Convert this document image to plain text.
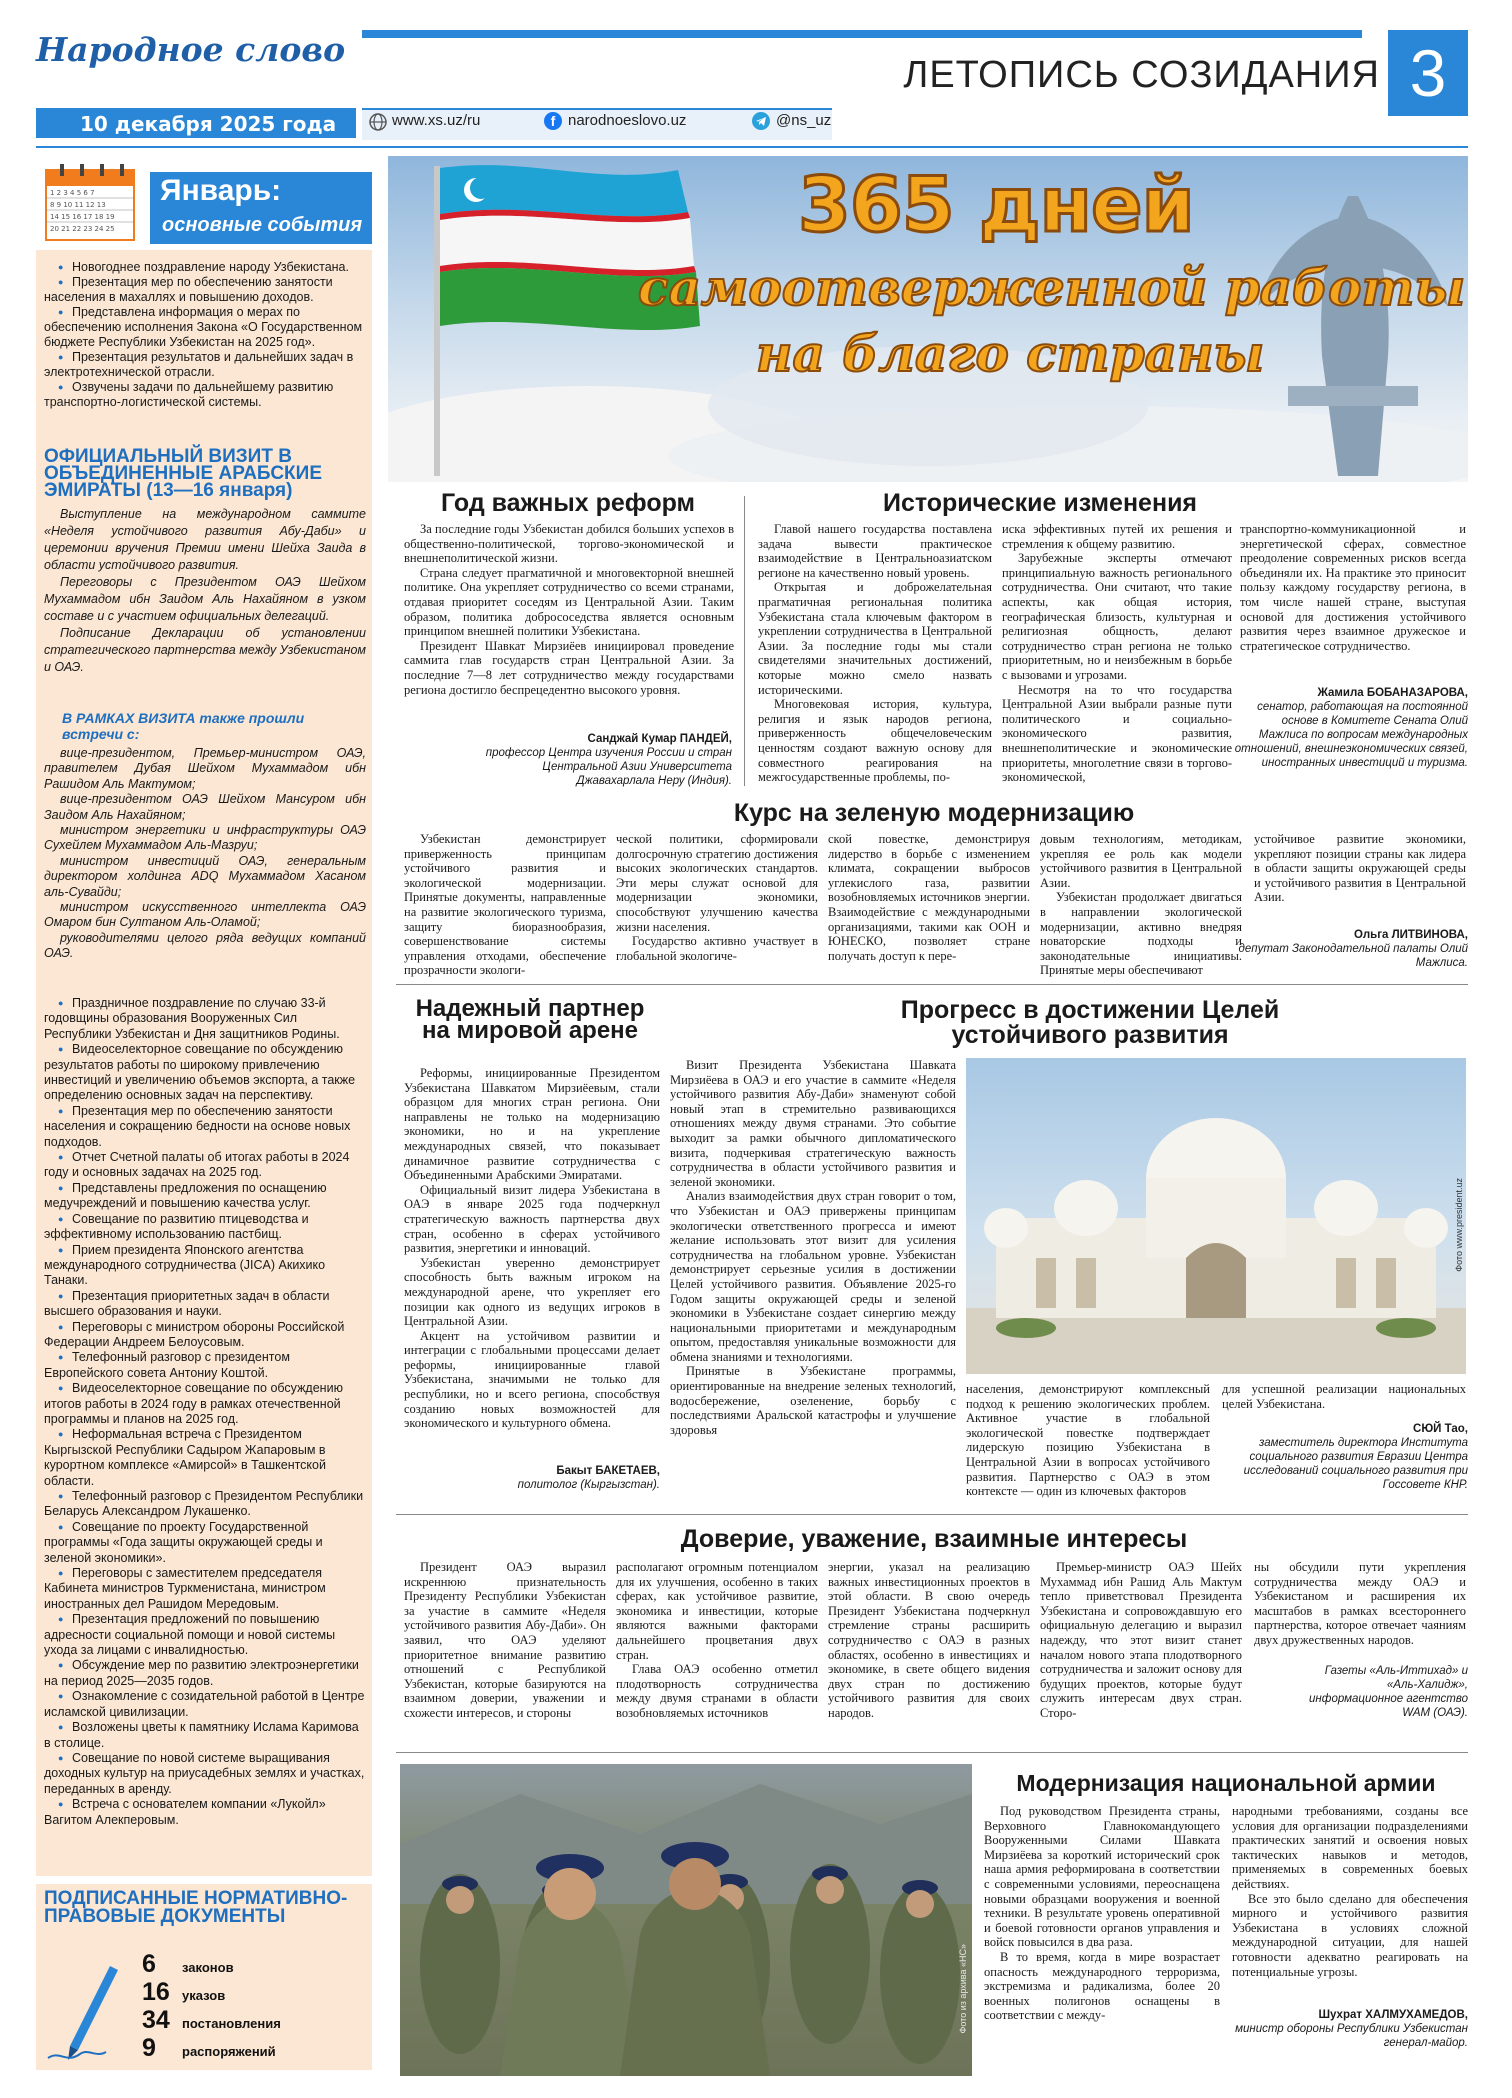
Народное слово
ЛЕТОПИСЬ СОЗИДАНИЯ 3
10 декабря 2025 года	www.xs.uz/ru	f narodnoeslovo.uz	@ns_uz
1 2 3 4 5 6 7
8 9 10 11 12 13
14 15 16 17 18 19
20 21 22 23 24 25
Январь:
основные события
● Новогоднее поздравление народу Узбекистана.
● Презентация мер по обеспечению занятости населения в махаллях и повышению доходов.
● Представлена информация о мерах по обеспечению исполнения Закона «О Государственном бюджете Республики Узбекистан на 2025 год».
● Презентация результатов и дальнейших задач в электротехнической отрасли.
● Озвучены задачи по дальнейшему развитию транспортно-логистической системы.
ОФИЦИАЛЬНЫЙ ВИЗИТ В ОБЪЕДИНЕННЫЕ АРАБСКИЕ ЭМИРАТЫ (13—16 января)
Выступление на международном саммите «Неделя устойчивого развития Абу-Даби» и церемонии вручения Премии имени Шейха Заида в области устойчивого развития.
Переговоры с Президентом ОАЭ Шейхом Мухаммадом ибн Заидом Аль Нахайяном в узком составе и с участием официальных делегаций.
Подписание Декларации об установлении стратегического партнерства между Узбекистаном и ОАЭ.
В РАМКАХ ВИЗИТА также прошли встречи с:
вице-президентом, Премьер-министром ОАЭ, правителем Дубая Шейхом Мухаммадом ибн Рашидом Аль Мактумом;
вице-президентом ОАЭ Шейхом Мансуром ибн Заидом Аль Нахайяном;
министром энергетики и инфраструктуры ОАЭ Сухейлем Мухаммадом Аль-Мазруи;
министром инвестиций ОАЭ, генеральным директором холдинга ADQ Мухаммадом Хасаном аль-Сувайди;
министром искусственного интеллекта ОАЭ Омаром бин Султаном Аль-Оламой;
руководителями целого ряда ведущих компаний ОАЭ.
● Праздничное поздравление по случаю 33-й годовщины образования Вооруженных Сил Республики Узбекистан и Дня защитников Родины.
● Видеоселекторное совещание по обсуждению результатов работы по широкому привлечению инвестиций и увеличению объемов экспорта, а также определению основных задач на перспективу.
● Презентация мер по обеспечению занятости населения и сокращению бедности на основе новых подходов.
● Отчет Счетной палаты об итогах работы в 2024 году и основных задачах на 2025 год.
● Представлены предложения по оснащению медучреждений и повышению качества услуг.
● Совещание по развитию птицеводства и эффективному использованию пастбищ.
● Прием президента Японского агентства международного сотрудничества (JICA) Акихико Танаки.
● Презентация приоритетных задач в области высшего образования и науки.
● Переговоры с министром обороны Российской Федерации Андреем Белоусовым.
● Телефонный разговор с президентом Европейского совета Антониу Коштой.
● Видеоселекторное совещание по обсуждению итогов работы в 2024 году в рамках отечественной программы и планов на 2025 год.
● Неформальная встреча с Президентом Кыргызской Республики Садыром Жапаровым в курортном комплексе «Амирсой» в Ташкентской области.
● Телефонный разговор с Президентом Республики Беларусь Александром Лукашенко.
● Совещание по проекту Государственной программы «Года защиты окружающей среды и зеленой экономики».
● Переговоры с заместителем председателя Кабинета министров Туркменистана, министром иностранных дел Рашидом Мередовым.
● Презентация предложений по повышению адресности социальной помощи и новой системы ухода за лицами с инвалидностью.
● Обсуждение мер по развитию электроэнергетики на период 2025—2035 годов.
● Ознакомление с созидательной работой в Центре исламской цивилизации.
● Возложены цветы к памятнику Ислама Каримова в столице.
● Совещание по новой системе выращивания доходных культур на приусадебных землях и участках, переданных в аренду.
● Встреча с основателем компании «Лукойл» Вагитом Алекперовым.
ПОДПИСАННЫЕ НОРМАТИВНО-ПРАВОВЫЕ ДОКУМЕНТЫ
6	законов
16 указов
34 постановления
9	распоряжений
365 дней
самоотверженной работы
на благо страны
Год важных реформ

За последние годы Узбекистан добился больших успехов в общественно-политической, торгово-экономической и внешнеполитической жизни.

Страна следует прагматичной и многовекторной внешней политике. Она укрепляет сотрудничество со всеми странами, отдавая приоритет соседям из Центральной Азии. Таким образом, политика добрососедства является основным принципом внешней политики Узбекистана.

Президент Шавкат Мирзиёев инициировал проведение саммита глав государств стран Центральной Азии. За последние 7—8 лет сотрудничество между государствами региона достигло беспрецедентно высокого уровня.

Санджай Кумар ПАНДЕЙ,
профессор Центра изучения России и стран Центральной Азии Университета Джавахарлала Неру (Индия).
Исторические изменения

Главой нашего государства поставлена задача вывести практическое взаимодействие в Центральноазиатском регионе на качественно новый уровень.

Открытая и доброжелательная прагматичная региональная политика Узбекистана стала ключевым фактором в укреплении сотрудничества в Центральной Азии. За последние годы мы стали свидетелями значительных достижений, которые можно смело назвать историческими.

Многовековая история, культура, религия и язык народов региона, приверженность общечеловеческим ценностям создают важную основу для совместного реагирования на межгосударственные проблемы, по-

иска эффективных путей их решения и стремления к общему развитию.

Зарубежные эксперты отмечают принципиальную важность регионального сотрудничества. Они считают, что такие аспекты, как общая история, географическая близость, культурная и религиозная общность, делают сотрудничество стран региона не только приоритетным, но и неизбежным в борьбе с вызовами и угрозами.

Несмотря на то что государства Центральной Азии выбрали разные пути политического и социально-экономического развития, внешнеполитические и экономические приоритеты, многолетние связи в торгово-экономической,

транспортно-коммуникационной и энергетической сферах, совместное преодоление современных рисков всегда объединяли их. На практике это приносит пользу каждому государству региона, в том числе нашей стране, выступая основой для достижения устойчивого развития через взаимное дружеское и стратегическое сотрудничество.

Жамила БОБАНАЗАРОВА,
сенатор, работающая на постоянной основе в Комитете Сената Олий Мажлиса по вопросам международных отношений, внешнеэкономических связей, иностранных инвестиций и туризма.
Курс на зеленую модернизацию

Узбекистан демонстрирует приверженность принципам устойчивого развития и экологической модернизации. Принятые документы, направленные на развитие экологического туризма, защиту биоразнообразия, совершенствование системы управления отходами, обеспечение прозрачности экологи-

ческой политики, сформировали долгосрочную стратегию достижения высоких экологических стандартов. Эти меры служат основой для модернизации экономики, способствуют улучшению качества жизни населения.

Государство активно участвует в глобальной экологиче-

ской повестке, демонстрируя лидерство в борьбе с изменением климата, сокращении выбросов углекислого газа, развитии возобновляемых источников энергии. Взаимодействие с международными организациями, такими как ООН и ЮНЕСКО, позволяет стране получать доступ к пере-

довым технологиям, методикам, укрепляя ее роль как модели устойчивого развития в Центральной Азии.

Узбекистан продолжает двигаться в направлении экологической модернизации, активно внедряя новаторские подходы и законодательные инициативы. Принятые меры обеспечивают

устойчивое развитие экономики, укрепляют позиции страны как лидера в области защиты окружающей среды и устойчивого развития в Центральной Азии.

Ольга ЛИТВИНОВА,
депутат Законодательной палаты Олий Мажлиса.
Надежный партнер на мировой арене

Реформы, инициированные Президентом Узбекистана Шавкатом Мирзиёевым, стали образцом для многих стран региона. Они направлены не только на модернизацию экономики, но и на укрепление международных связей, что показывает динамичное развитие сотрудничества с Объединенными Арабскими Эмиратами.

Официальный визит лидера Узбекистана в ОАЭ в январе 2025 года подчеркнул стратегическую важность партнерства двух стран, особенно в сферах устойчивого развития, энергетики и инноваций.

Узбекистан уверенно демонстрирует способность быть важным игроком на международной арене, что укрепляет его позиции как одного из ведущих игроков в Центральной Азии.

Акцент на устойчивом развитии и интеграции с глобальными процессами делает реформы, инициированные главой Узбекистана, значимыми не только для республики, но и всего региона, способствуя созданию новых возможностей для экономического и культурного обмена.

Бакыт БАКЕТАЕВ,
политолог (Кыргызстан).
Прогресс в достижении Целей устойчивого развития

Визит Президента Узбекистана Шавката Мирзиёева в ОАЭ и его участие в саммите «Неделя устойчивого развития Абу-Даби» знаменуют собой новый этап в стремительно развивающихся отношениях между двумя странами. Это событие выходит за рамки обычного дипломатического визита, подчеркивая стратегическую важность сотрудничества в области устойчивого развития и зеленой экономики.

Анализ взаимодействия двух стран говорит о том, что Узбекистан и ОАЭ привержены принципам экологически ответственного прогресса и имеют желание использовать этот визит для усиления сотрудничества на глобальном уровне. Узбекистан демонстрирует серьезные усилия в достижении Целей устойчивого развития. Объявление 2025-го Годом защиты окружающей среды и зеленой экономики в Узбекистане создает синергию между национальными приоритетами и международным опытом, предоставляя уникальные возможности для обмена знаниями и технологиями.

Принятые в Узбекистане программы, ориентированные на внедрение зеленых технологий, водосбережение, озеленение, борьбу с последствиями Аральской катастрофы и улучшение здоровья

Фото www.president.uz

населения, демонстрируют комплексный подход к решению экологических проблем. Активное участие в глобальной экологической повестке подтверждает лидерскую позицию Узбекистана в Центральной Азии в вопросах устойчивого развития. Партнерство с ОАЭ в этом контексте — один из ключевых факторов

для успешной реализации национальных целей Узбекистана.

СЮЙ Тао,
заместитель директора Института социального развития Евразии Центра исследований социального развития при Госсовете КНР.
Доверие, уважение, взаимные интересы

Президент ОАЭ выразил искреннюю признательность Президенту Республики Узбекистан за участие в саммите «Неделя устойчивого развития Абу-Даби». Он заявил, что ОАЭ уделяют приоритетное внимание развитию отношений с Республикой Узбекистан, которые базируются на взаимном доверии, уважении и схожести интересов, и стороны

располагают огромным потенциалом для их улучшения, особенно в таких сферах, как устойчивое развитие, экономика и инвестиции, которые являются важными факторами дальнейшего процветания двух стран.

Глава ОАЭ особенно отметил плодотворность сотрудничества между двумя странами в области возобновляемых источников

энергии, указал на реализацию важных инвестиционных проектов в этой области. В свою очередь Президент Узбекистана подчеркнул стремление страны расширить сотрудничество с ОАЭ в разных областях, особенно в инвестициях и экономике, в свете общего видения двух стран по достижению устойчивого развития для своих народов.

Премьер-министр ОАЭ Шейх Мухаммад ибн Рашид Аль Мактум тепло приветствовал Президента Узбекистана и сопровождавшую его официальную делегацию и выразил надежду, что этот визит станет началом нового этапа плодотворного сотрудничества и заложит основу для будущих проектов, которые будут служить интересам двух стран. Сторо-

ны обсудили пути укрепления сотрудничества между ОАЭ и Узбекистаном и расширения их масштабов в рамках всестороннего партнерства, которое отвечает чаяниям двух дружественных народов.

Газеты «Аль-Иттихад» и «Аль-Халидж», информационное агентство WAM (ОАЭ).
Фото из архива «НС»
Модернизация национальной армии

Под руководством Президента страны, Верховного Главнокомандующего Вооруженными Силами Шавката Мирзиёева за короткий исторический срок наша армия реформирована в соответствии с современными условиями, переоснащена новыми образцами вооружения и военной техники. В результате уровень оперативной и боевой готовности органов управления и войск повысился в два раза.

В то время, когда в мире возрастает опасность международного терроризма, экстремизма и радикализма, более 20 военных полигонов оснащены в соответствии с между-

народными требованиями, созданы все условия для организации подразделениями практических занятий и освоения новых тактических навыков и методов, применяемых в современных боевых действиях.

Все это было сделано для обеспечения мирного и устойчивого развития Узбекистана в условиях сложной международной ситуации, для нашей готовности адекватно реагировать на потенциальные угрозы.

Шухрат ХАЛМУХАМЕДОВ,
министр обороны Республики Узбекистан генерал-майор.
